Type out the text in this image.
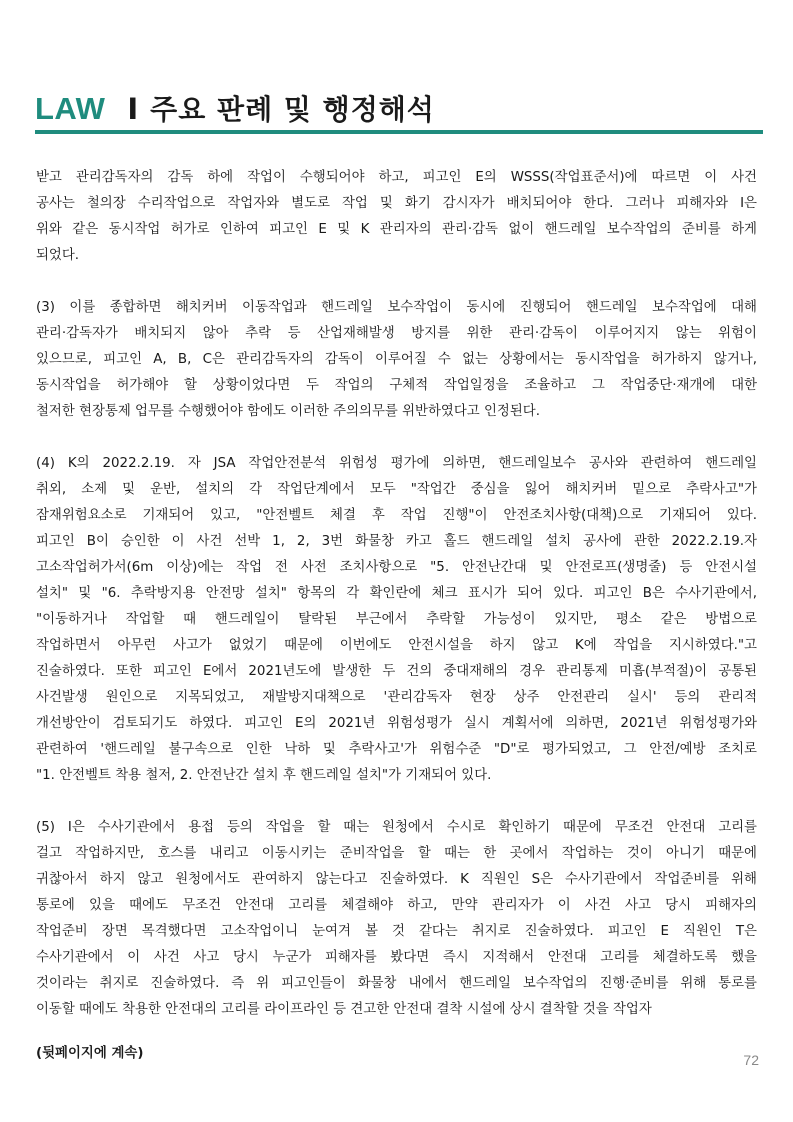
LAW I 주요 판례 및 행정해석
받고 관리감독자의 감독 하에 작업이 수행되어야 하고, 피고인 E의 WSSS(작업표준서)에 따르면 이 사건
공사는 철의장 수리작업으로 작업자와 별도로 작업 및 화기 감시자가 배치되어야 한다. 그러나 피해자와 I은
위와 같은 동시작업 허가로 인하여 피고인 E 및 K 관리자의 관리·감독 없이 핸드레일 보수작업의 준비를 하게
되었다.
(3) 이를 종합하면 해치커버 이동작업과 핸드레일 보수작업이 동시에 진행되어 핸드레일 보수작업에 대해
관리·감독자가 배치되지 않아 추락 등 산업재해발생 방지를 위한 관리·감독이 이루어지지 않는 위험이
있으므로, 피고인 A, B, C은 관리감독자의 감독이 이루어질 수 없는 상황에서는 동시작업을 허가하지 않거나,
동시작업을 허가해야 할 상황이었다면 두 작업의 구체적 작업일정을 조율하고 그 작업중단·재개에 대한
철저한 현장통제 업무를 수행했어야 함에도 이러한 주의의무를 위반하였다고 인정된다.
(4) K의 2022.2.19. 자 JSA 작업안전분석 위험성 평가에 의하면, 핸드레일보수 공사와 관련하여 핸드레일
취외, 소제 및 운반, 설치의 각 작업단계에서 모두 "작업간 중심을 잃어 해치커버 밑으로 추락사고"가
잠재위험요소로 기재되어 있고, "안전벨트 체결 후 작업 진행"이 안전조치사항(대책)으로 기재되어 있다.
피고인 B이 승인한 이 사건 선박 1, 2, 3번 화물창 카고 홀드 핸드레일 설치 공사에 관한 2022.2.19.자
고소작업허가서(6m 이상)에는 작업 전 사전 조치사항으로 "5. 안전난간대 및 안전로프(생명줄) 등 안전시설
설치" 및 "6. 추락방지용 안전망 설치" 항목의 각 확인란에 체크 표시가 되어 있다. 피고인 B은 수사기관에서,
"이동하거나 작업할 때 핸드레일이 탈락된 부근에서 추락할 가능성이 있지만, 평소 같은 방법으로
작업하면서 아무런 사고가 없었기 때문에 이번에도 안전시설을 하지 않고 K에 작업을 지시하였다."고
진술하였다. 또한 피고인 E에서 2021년도에 발생한 두 건의 중대재해의 경우 관리통제 미흡(부적절)이 공통된
사건발생 원인으로 지목되었고, 재발방지대책으로 '관리감독자 현장 상주 안전관리 실시' 등의 관리적
개선방안이 검토되기도 하였다. 피고인 E의 2021년 위험성평가 실시 계획서에 의하면, 2021년 위험성평가와
관련하여 '핸드레일 불구속으로 인한 낙하 및 추락사고'가 위험수준 "D"로 평가되었고, 그 안전/예방 조치로
"1. 안전벨트 착용 철저, 2. 안전난간 설치 후 핸드레일 설치"가 기재되어 있다.
(5) I은 수사기관에서 용접 등의 작업을 할 때는 원청에서 수시로 확인하기 때문에 무조건 안전대 고리를
걸고 작업하지만, 호스를 내리고 이동시키는 준비작업을 할 때는 한 곳에서 작업하는 것이 아니기 때문에
귀찮아서 하지 않고 원청에서도 관여하지 않는다고 진술하였다. K 직원인 S은 수사기관에서 작업준비를 위해
통로에 있을 때에도 무조건 안전대 고리를 체결해야 하고, 만약 관리자가 이 사건 사고 당시 피해자의
작업준비 장면 목격했다면 고소작업이니 눈여겨 볼 것 같다는 취지로 진술하였다. 피고인 E 직원인 T은
수사기관에서 이 사건 사고 당시 누군가 피해자를 봤다면 즉시 지적해서 안전대 고리를 체결하도록 했을
것이라는 취지로 진술하였다. 즉 위 피고인들이 화물창 내에서 핸드레일 보수작업의 진행·준비를 위해 통로를
이동할 때에도 착용한 안전대의 고리를 라이프라인 등 견고한 안전대 결착 시설에 상시 결착할 것을 작업자
(뒷페이지에 계속)	72
